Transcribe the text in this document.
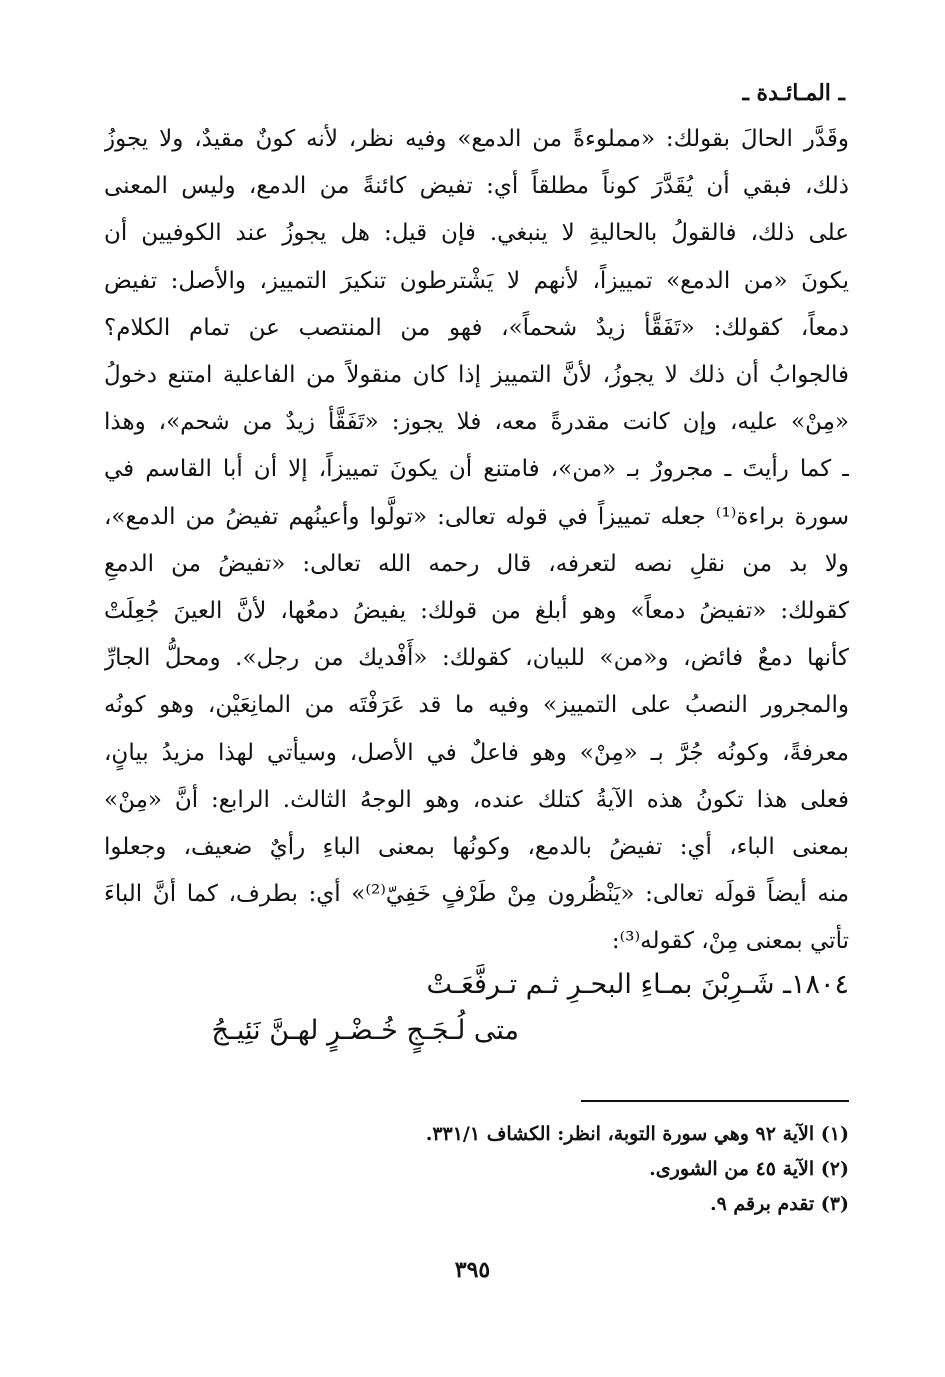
ـ المـائـدة ـ
وقَدَّر الحالَ بقولك: «مملوءةً من الدمع» وفيه نظر، لأنه كونٌ مقيدٌ، ولا يجوزُ
ذلك، فبقي أن يُقَدَّرَ كوناً مطلقاً أي: تفيض كائنةً من الدمع، وليس المعنى
على ذلك، فالقولُ بالحاليةِ لا ينبغي. فإن قيل: هل يجوزُ عند الكوفيين أن
يكونَ «من الدمع» تمييزاً، لأنهم لا يَشْترطون تنكيرَ التمييز، والأصل: تفيض
دمعاً، كقولك: «تَفَقَّأ زيدٌ شحماً»، فهو من المنتصب عن تمام الكلام؟
فالجوابُ أن ذلك لا يجوزُ، لأنَّ التمييز إذا كان منقولاً من الفاعلية امتنع دخولُ
«مِنْ» عليه، وإن كانت مقدرةً معه، فلا يجوز: «تَفَقَّأ زيدٌ من شحم»، وهذا
ـ كما رأيتَ ـ مجرورٌ بـ «من»، فامتنع أن يكونَ تمييزاً، إلا أن أبا القاسم في
سورة براءة⁽¹⁾ جعله تمييزاً في قوله تعالى: «تولَّوا وأعينُهم تفيضُ من الدمع»،
ولا بد من نقلِ نصه لتعرفه، قال رحمه الله تعالى: «تفيضُ من الدمعِ
كقولك: «تفيضُ دمعاً» وهو أبلغ من قولك: يفيضُ دمعُها، لأنَّ العينَ جُعِلَتْ
كأنها دمعٌ فائض، و«من» للبيان، كقولك: «أَفْديك من رجل». ومحلُّ الجارِّ
والمجرور النصبُ على التمييز» وفيه ما قد عَرَفْتَه من المانِعَيْن، وهو كونُه
معرفةً، وكونُه جُرَّ بـ «مِنْ» وهو فاعلٌ في الأصل، وسيأتي لهذا مزيدُ بيانٍ،
فعلى هذا تكونُ هذه الآيةُ كتلك عنده، وهو الوجهُ الثالث. الرابع: أنَّ «مِنْ»
بمعنى الباء، أي: تفيضُ بالدمع، وكونُها بمعنى الباءِ رأيٌ ضعيف، وجعلوا
منه أيضاً قولَه تعالى: «يَنْظُرون مِنْ طَرْفٍ خَفِيّ⁽²⁾» أي: بطرف، كما أنَّ الباءَ
تأتي بمعنى مِنْ، كقوله⁽³⁾:
١٨٠٤ـ شَـرِبْنَ بمـاءِ البحـرِ ثـم تـرفَّعَـتْ
متى لُـجَـجٍ خُـضْـرٍ لهـنَّ نَئِيـجُ
(١) الآية ٩٢ وهي سورة التوبة، انظر: الكشاف ٣٣١/١.
(٢) الآية ٤٥ من الشورى.
(٣) تقدم برقم ٩.
٣٩٥
